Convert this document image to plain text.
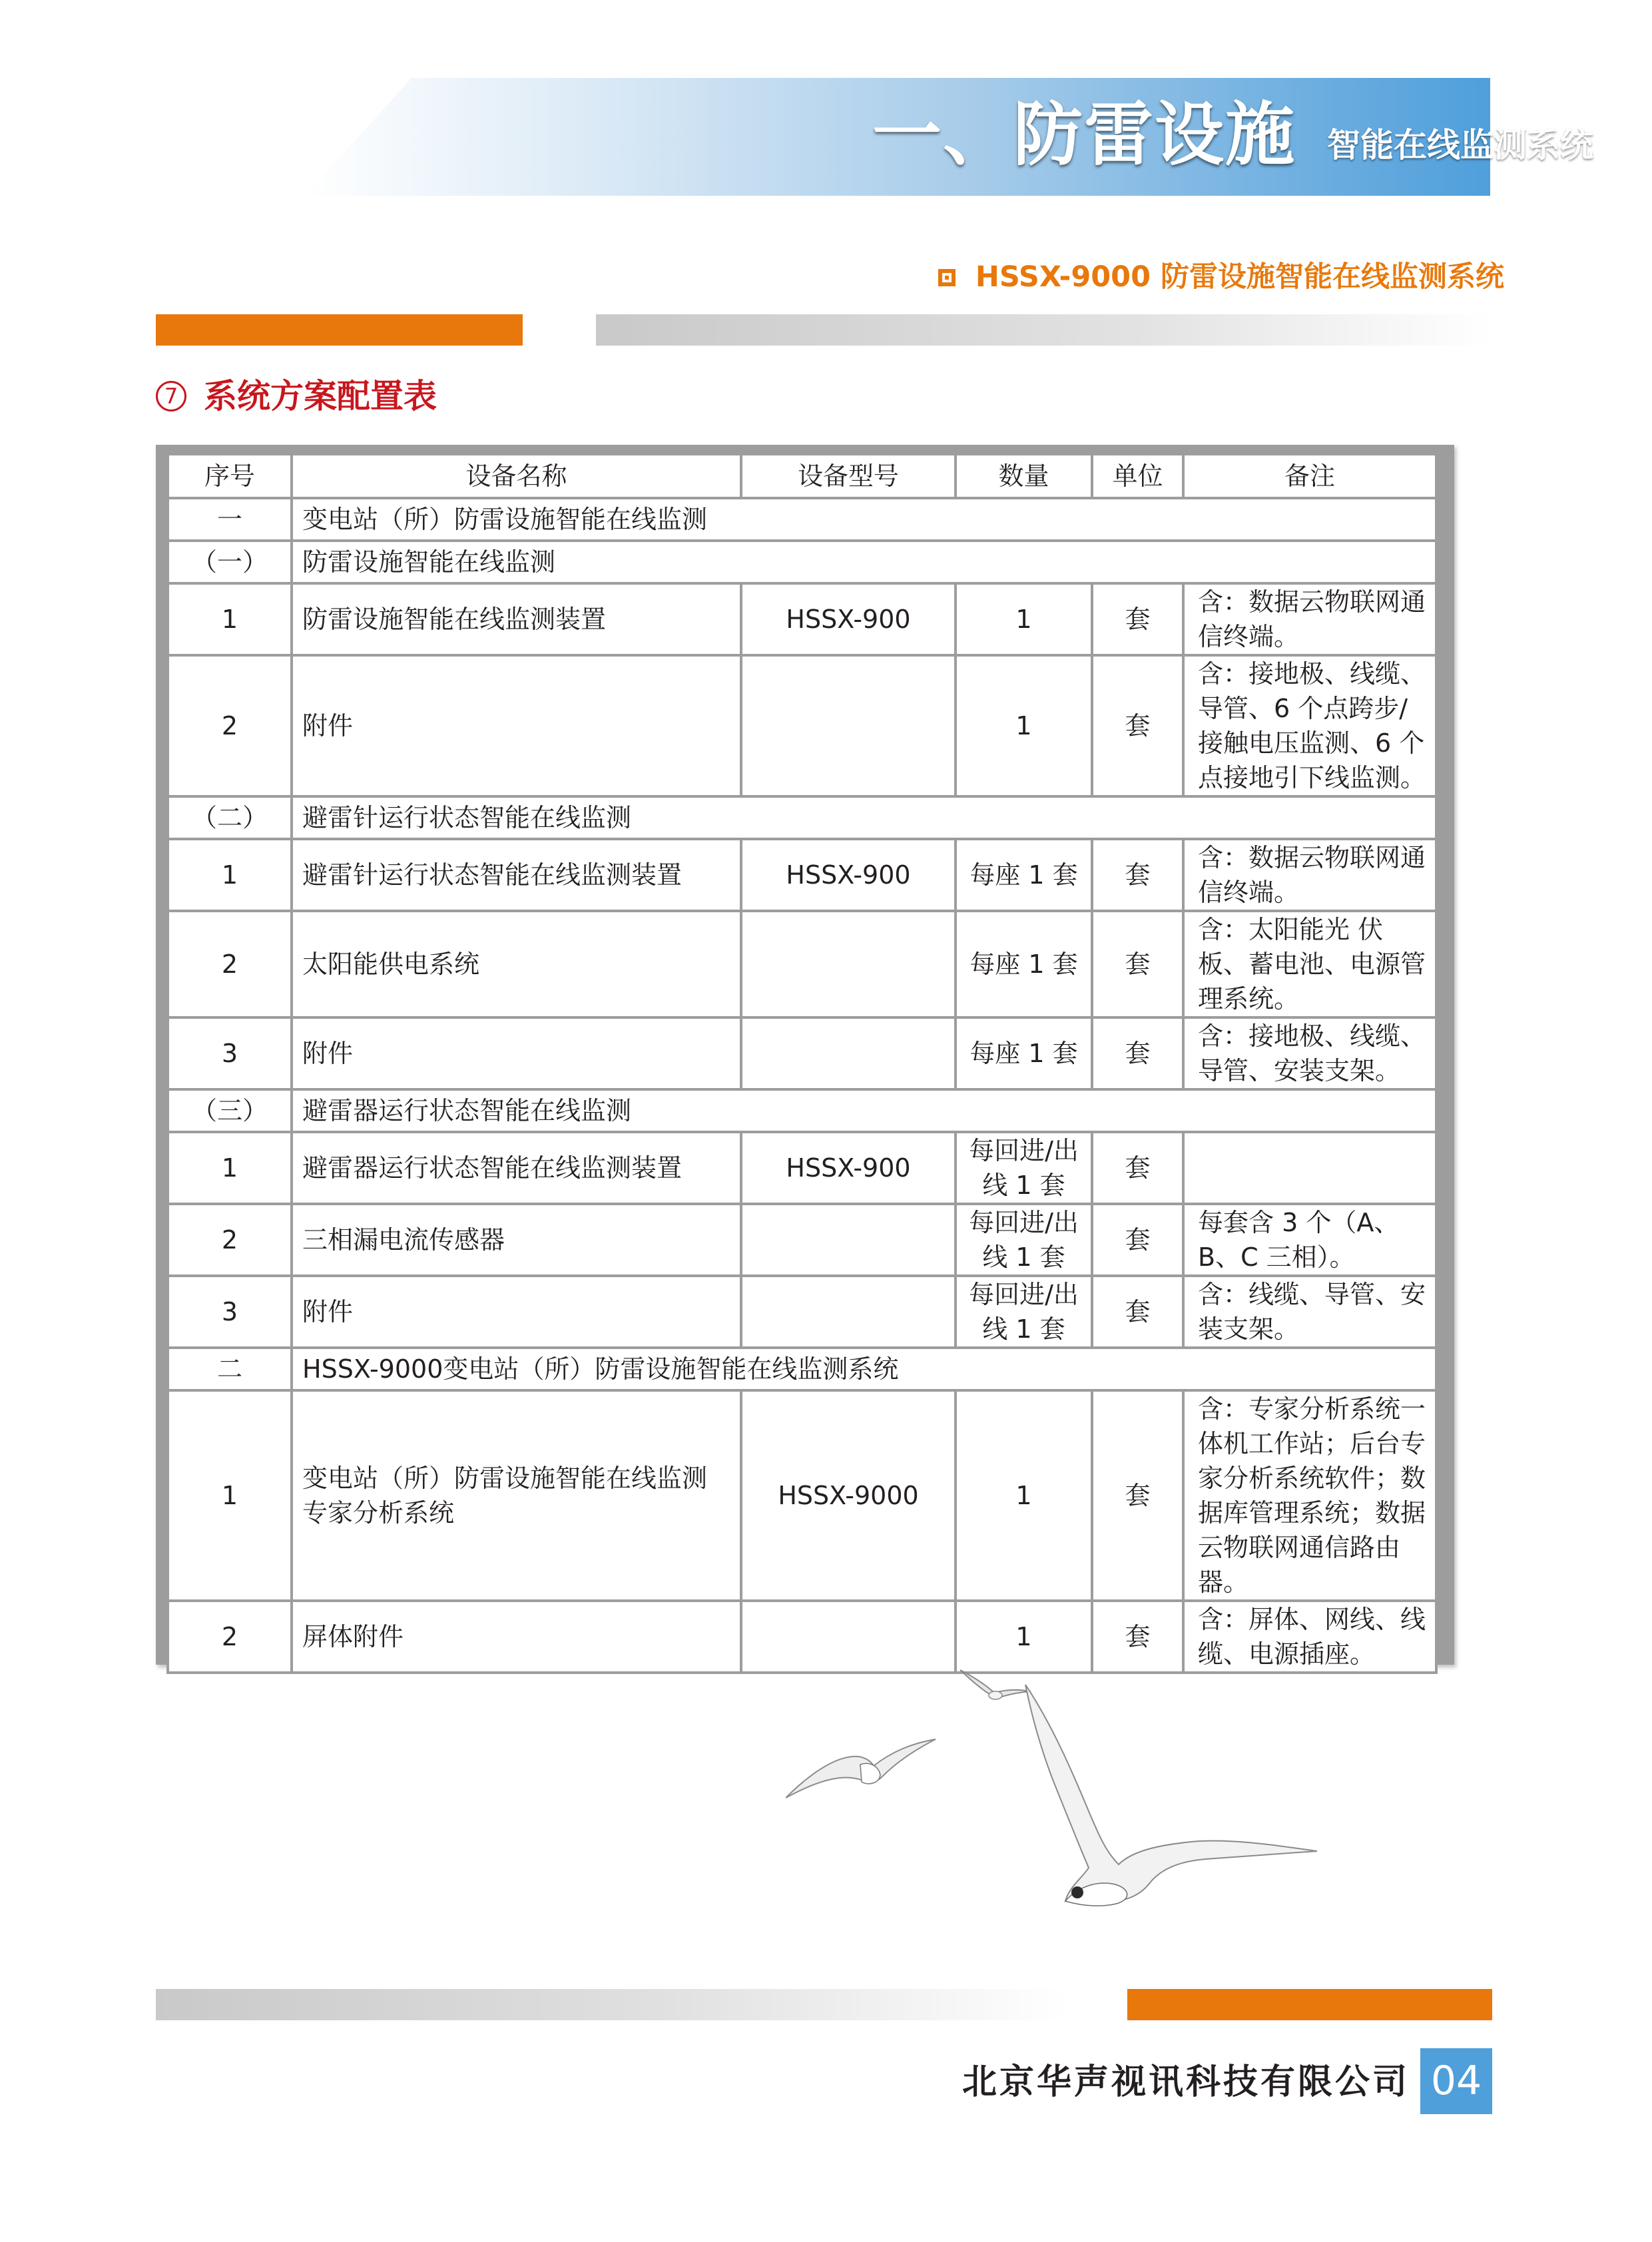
一、防雷设施 智能在线监测系统
HSSX-9000 防雷设施智能在线监测系统
7 系统方案配置表
序号	设备名称	设备型号	数量	单位	备注
一	变电站（所）防雷设施智能在线监测				
（一）	防雷设施智能在线监测				
1	防雷设施智能在线监测装置	HSSX-900	1	套	含：数据云物联网通信终端。
2	附件		1	套	含：接地极、线缆、导管、6 个点跨步/接触电压监测、6 个点接地引下线监测。
（二）	避雷针运行状态智能在线监测				
1	避雷针运行状态智能在线监测装置	HSSX-900	每座 1 套	套	含：数据云物联网通信终端。
2	太阳能供电系统		每座 1 套	套	含：太阳能光 伏板、蓄电池、电源管理系统。
3	附件		每座 1 套	套	含：接地极、线缆、导管、安装支架。
（三）	避雷器运行状态智能在线监测				
1	避雷器运行状态智能在线监测装置	HSSX-900	每回进/出线 1 套	套	
2	三相漏电流传感器		每回进/出线 1 套	套	每套含 3 个（A、B、C 三相）。
3	附件		每回进/出线 1 套	套	含：线缆、导管、安装支架。
二	HSSX-9000变电站（所）防雷设施智能在线监测系统				
1	变电站（所）防雷设施智能在线监测专家分析系统	HSSX-9000	1	套	含：专家分析系统一体机工作站；后台专家分析系统软件；数据库管理系统；数据云物联网通信路由器。
2	屏体附件		1	套	含：屏体、网线、线缆、电源插座。
北京华声视讯科技有限公司 04
